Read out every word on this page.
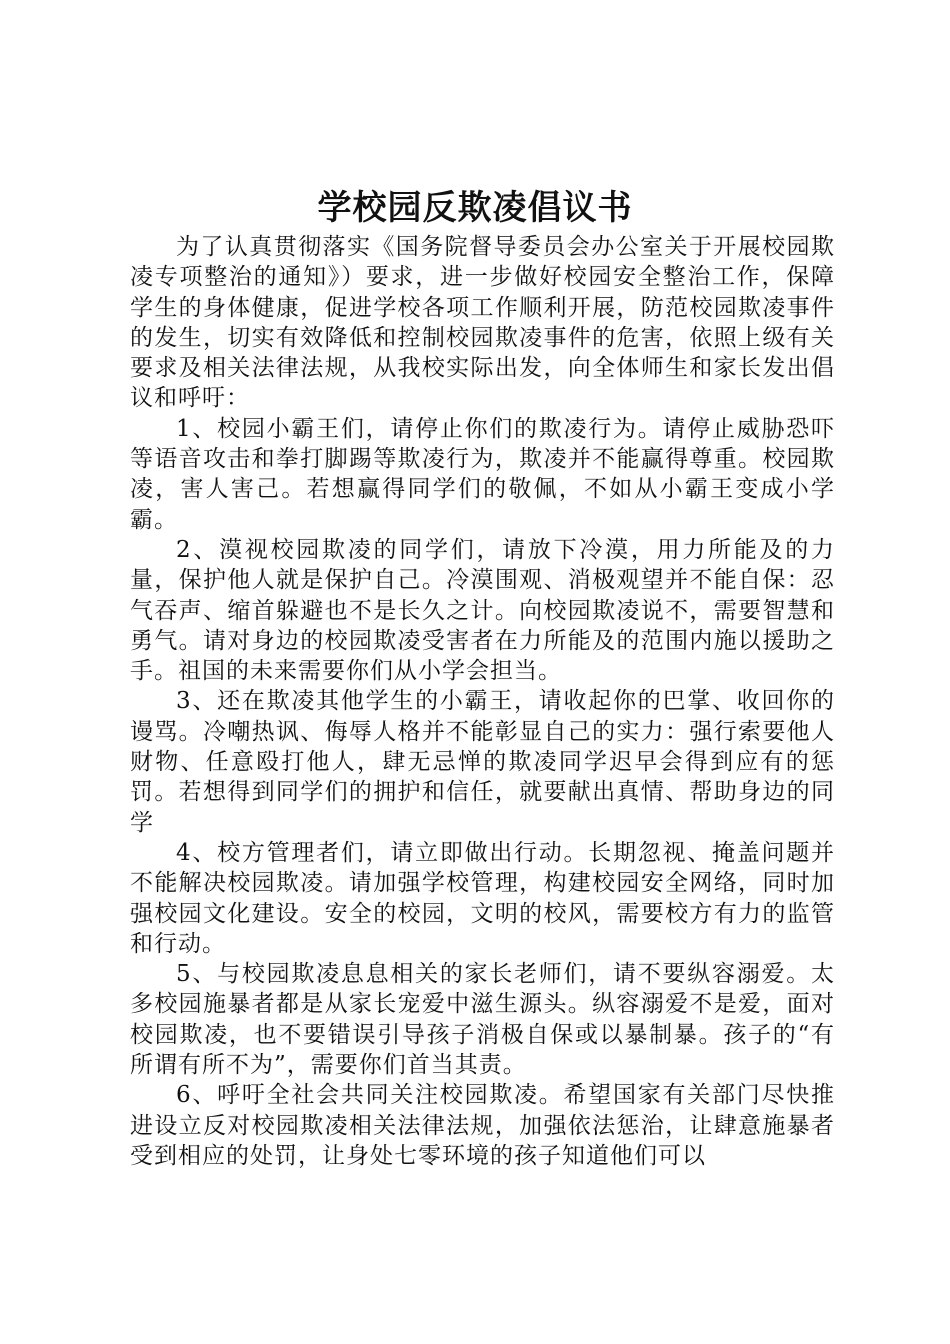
学校园反欺凌倡议书

为了认真贯彻落实《国务院督导委员会办公室关于开展校园欺凌专项整治的通知》）要求，进一步做好校园安全整治工作，保障学生的身体健康，促进学校各项工作顺利开展，防范校园欺凌事件的发生，切实有效降低和控制校园欺凌事件的危害，依照上级有关要求及相关法律法规，从我校实际出发，向全体师生和家长发出倡议和呼吁：

1、校园小霸王们，请停止你们的欺凌行为。请停止威胁恐吓等语音攻击和拳打脚踢等欺凌行为，欺凌并不能赢得尊重。校园欺凌，害人害己。若想赢得同学们的敬佩，不如从小霸王变成小学霸。

2、漠视校园欺凌的同学们，请放下冷漠，用力所能及的力量，保护他人就是保护自己。冷漠围观、消极观望并不能自保：忍气吞声、缩首躲避也不是长久之计。向校园欺凌说不，需要智慧和勇气。请对身边的校园欺凌受害者在力所能及的范围内施以援助之手。祖国的未来需要你们从小学会担当。

3、还在欺凌其他学生的小霸王，请收起你的巴掌、收回你的谩骂。冷嘲热讽、侮辱人格并不能彰显自己的实力：强行索要他人财物、任意殴打他人，肆无忌惮的欺凌同学迟早会得到应有的惩罚。若想得到同学们的拥护和信任，就要献出真情、帮助身边的同学

4、校方管理者们，请立即做出行动。长期忽视、掩盖问题并不能解决校园欺凌。请加强学校管理，构建校园安全网络，同时加强校园文化建设。安全的校园，文明的校风，需要校方有力的监管和行动。

5、与校园欺凌息息相关的家长老师们，请不要纵容溺爱。太多校园施暴者都是从家长宠爱中滋生源头。纵容溺爱不是爱，面对校园欺凌，也不要错误引导孩子消极自保或以暴制暴。孩子的“有所谓有所不为”，需要你们首当其责。

6、呼吁全社会共同关注校园欺凌。希望国家有关部门尽快推进设立反对校园欺凌相关法律法规，加强依法惩治，让肆意施暴者受到相应的处罚，让身处七零环境的孩子知道他们可以
